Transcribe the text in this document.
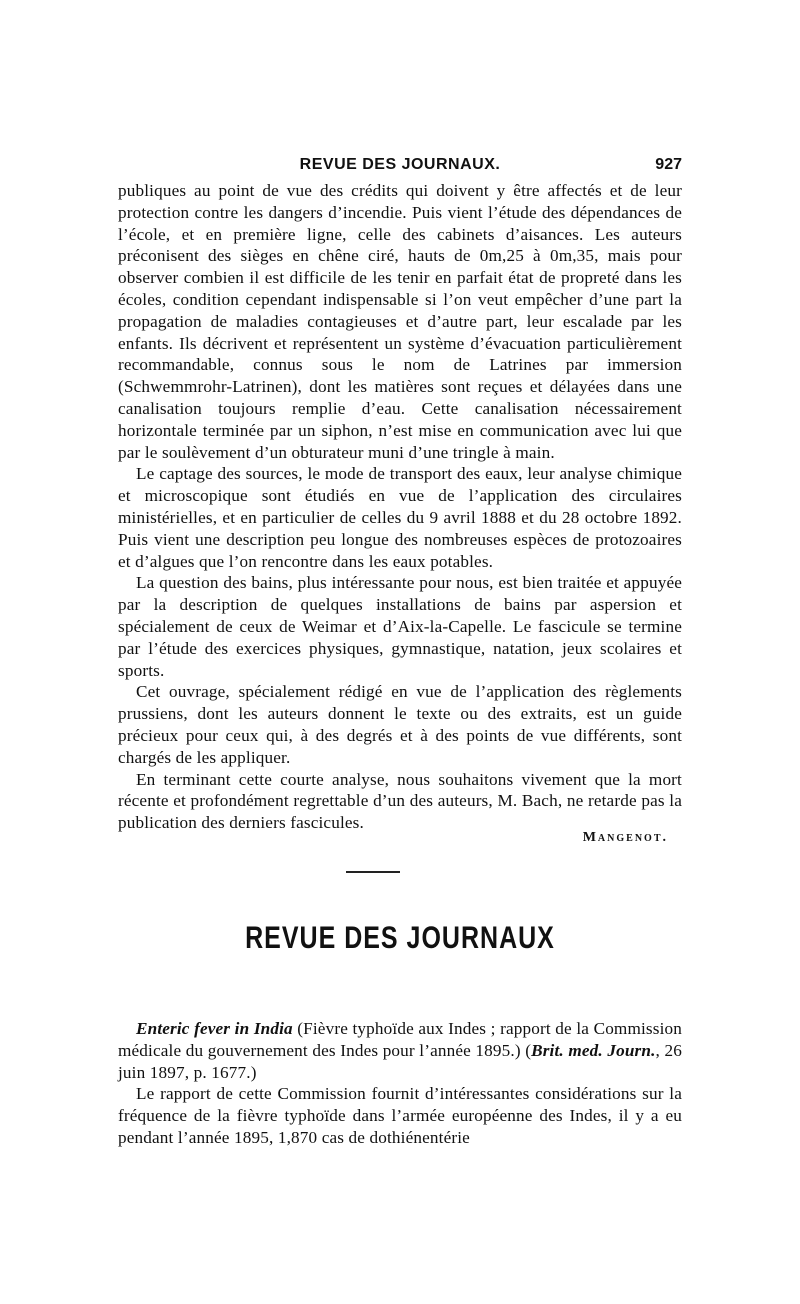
REVUE DES JOURNAUX.	927

publiques au point de vue des crédits qui doivent y être affectés et de leur protection contre les dangers d’incendie. Puis vient l’étude des dépendances de l’école, et en première ligne, celle des cabinets d’aisances. Les auteurs préconisent des sièges en chêne ciré, hauts de 0m,25 à 0m,35, mais pour observer combien il est difficile de les tenir en parfait état de propreté dans les écoles, condition cependant indispensable si l’on veut empêcher d’une part la propagation de maladies contagieuses et d’autre part, leur escalade par les enfants. Ils décrivent et représentent un système d’évacuation particulièrement recommandable, connus sous le nom de Latrines par immersion (Schwemmrohr-Latrinen), dont les matières sont reçues et délayées dans une canalisation toujours remplie d’eau. Cette canalisation nécessairement horizontale terminée par un siphon, n’est mise en communication avec lui que par le soulèvement d’un obturateur muni d’une tringle à main.

Le captage des sources, le mode de transport des eaux, leur analyse chimique et microscopique sont étudiés en vue de l’application des circulaires ministérielles, et en particulier de celles du 9 avril 1888 et du 28 octobre 1892. Puis vient une description peu longue des nombreuses espèces de protozoaires et d’algues que l’on rencontre dans les eaux potables.

La question des bains, plus intéressante pour nous, est bien traitée et appuyée par la description de quelques installations de bains par aspersion et spécialement de ceux de Weimar et d’Aix-la-Capelle. Le fascicule se termine par l’étude des exercices physiques, gymnastique, natation, jeux scolaires et sports.

Cet ouvrage, spécialement rédigé en vue de l’application des règlements prussiens, dont les auteurs donnent le texte ou des extraits, est un guide précieux pour ceux qui, à des degrés et à des points de vue différents, sont chargés de les appliquer.

En terminant cette courte analyse, nous souhaitons vivement que la mort récente et profondément regrettable d’un des auteurs, M. Bach, ne retarde pas la publication des derniers fascicules.

Mangenot.
REVUE DES JOURNAUX

Enteric fever in India (Fièvre typhoïde aux Indes ; rapport de la Commission médicale du gouvernement des Indes pour l’année 1895.) (Brit. med. Journ., 26 juin 1897, p. 1677.)

Le rapport de cette Commission fournit d’intéressantes considérations sur la fréquence de la fièvre typhoïde dans l’armée européenne des Indes, il y a eu pendant l’année 1895, 1,870 cas de dothiénentérie
